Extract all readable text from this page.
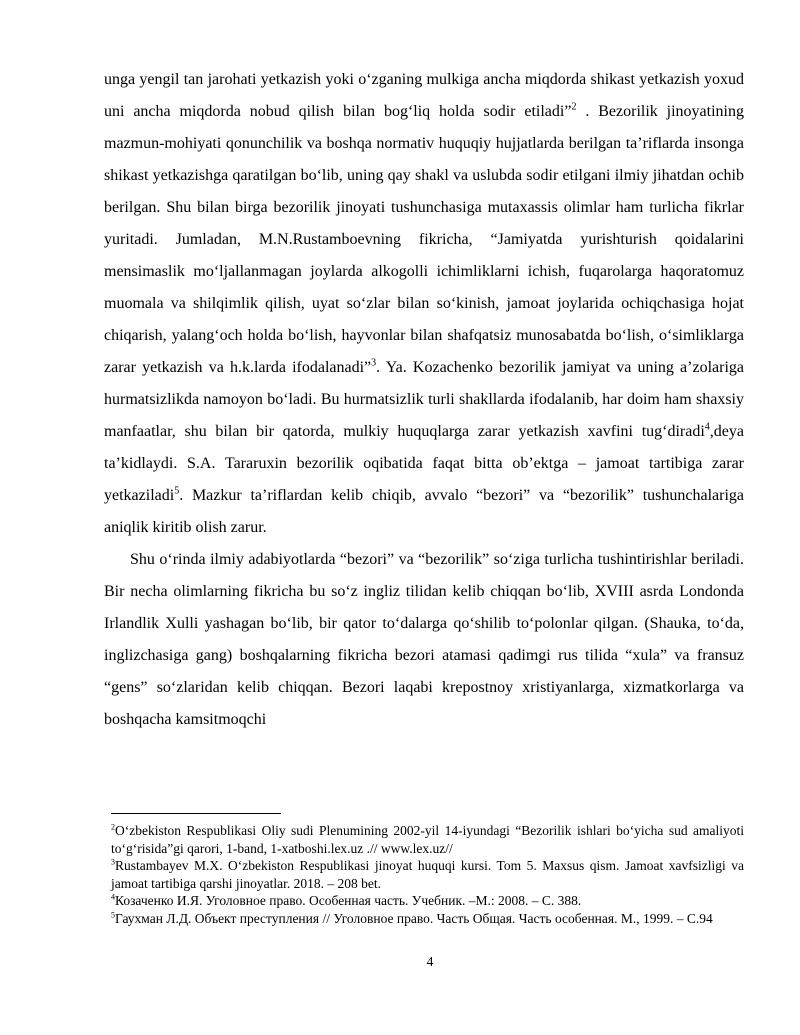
unga yengil tan jarohati yetkazish yoki o‘zganing mulkiga ancha miqdorda shikast yetkazish yoxud uni ancha miqdorda nobud qilish bilan bog‘liq holda sodir etiladi”$^2$ . Bezorilik jinoyatining mazmun-mohiyati qonunchilik va boshqa normativ huquqiy hujjatlarda berilgan ta’riflarda insonga shikast yetkazishga qaratilgan bo‘lib, uning qay shakl va uslubda sodir etilgani ilmiy jihatdan ochib berilgan. Shu bilan birga bezorilik jinoyati tushunchasiga mutaxassis olimlar ham turlicha fikrlar yuritadi. Jumladan, M.N.Rustamboevning fikricha, “Jamiyatda yurishturish qoidalarini mensimaslik mo‘ljallanmagan joylarda alkogolli ichimliklarni ichish, fuqarolarga haqoratomuz muomala va shilqimlik qilish, uyat so‘zlar bilan so‘kinish, jamoat joylarida ochiqchasiga hojat chiqarish, yalang‘och holda bo‘lish, hayvonlar bilan shafqatsiz munosabatda bo‘lish, o‘simliklarga zarar yetkazish va h.k.larda ifodalanadi”$^3$. Ya. Kozachenko bezorilik jamiyat va uning a’zolariga hurmatsizlikda namoyon bo‘ladi. Bu hurmatsizlik turli shakllarda ifodalanib, har doim ham shaxsiy manfaatlar, shu bilan bir qatorda, mulkiy huquqlarga zarar yetkazish xavfini tug‘diradi$^4$,deya ta’kidlaydi. S.A. Tararuxin bezorilik oqibatida faqat bitta ob’ektga – jamoat tartibiga zarar yetkaziladi$^5$. Mazkur ta’riflardan kelib chiqib, avvalo “bezori” va “bezorilik” tushunchalariga aniqlik kiritib olish zarur.

Shu o‘rinda ilmiy adabiyotlarda “bezori” va “bezorilik” so‘ziga turlicha tushintirishlar beriladi. Bir necha olimlarning fikricha bu so‘z ingliz tilidan kelib chiqqan bo‘lib, XVIII asrda Londonda Irlandlik Xulli yashagan bo‘lib, bir qator to‘dalarga qo‘shilib to‘polonlar qilgan. (Shauka, to‘da, inglizchasiga gang) boshqalarning fikricha bezori atamasi qadimgi rus tilida “xula” va fransuz “gens” so‘zlaridan kelib chiqqan. Bezori laqabi krepostnoy xristiyanlarga, xizmatkorlarga va boshqacha kamsitmoqchi

$^2$O‘zbekiston Respublikasi Oliy sudi Plenumining 2002-yil 14-iyundagi “Bezorilik ishlari bo‘yicha sud amaliyoti to‘g‘risida”gi qarori, 1-band, 1-xatboshi.lex.uz .// www.lex.uz//

$^3$Rustambayev M.X. O‘zbekiston Respublikasi jinoyat huquqi kursi. Tom 5. Maxsus qism. Jamoat xavfsizligi va jamoat tartibiga qarshi jinoyatlar. 2018. – 208 bet.

$^4$Козаченко И.Я. Уголовное право. Особенная часть. Учебник. –М.: 2008. – С. 388.

$^5$Гаухман Л.Д. Объект преступления // Уголовное право. Часть Общая. Часть особенная. М., 1999. – С.94

4
